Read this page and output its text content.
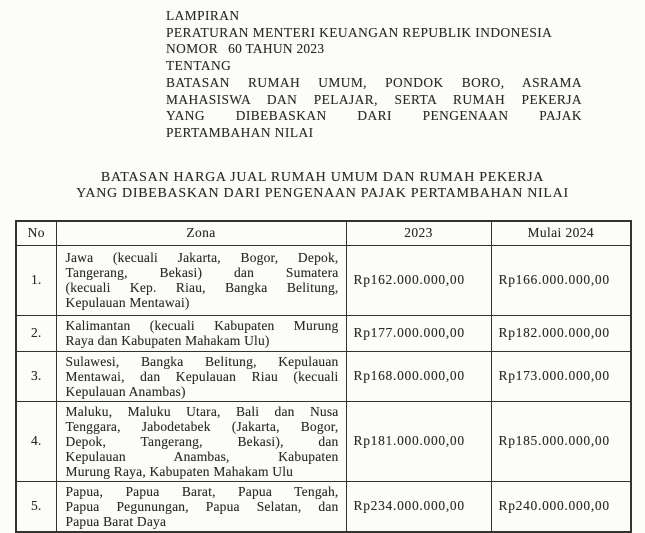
LAMPIRAN
PERATURAN MENTERI KEUANGAN REPUBLIK INDONESIA
NOMOR 60 TAHUN 2023
TENTANG
BATASAN RUMAH UMUM, PONDOK BORO, ASRAMA
MAHASISWA DAN PELAJAR, SERTA RUMAH PEKERJA
YANG DIBEBASKAN DARI PENGENAAN PAJAK
PERTAMBAHAN NILAI
BATASAN HARGA JUAL RUMAH UMUM DAN RUMAH PEKERJA
YANG DIBEBASKAN DARI PENGENAAN PAJAK PERTAMBAHAN NILAI
No	Zona	2023	Mulai 2024
1.	Jawa (kecuali Jakarta, Bogor, Depok,
Tangerang, Bekasi) dan Sumatera
(kecuali Kep. Riau, Bangka Belitung,
Kepulauan Mentawai)	Rp162.000.000,00	Rp166.000.000,00
2.	Kalimantan (kecuali Kabupaten Murung
Raya dan Kabupaten Mahakam Ulu)	Rp177.000.000,00	Rp182.000.000,00
3.	Sulawesi, Bangka Belitung, Kepulauan
Mentawai, dan Kepulauan Riau (kecuali
Kepulauan Anambas)	Rp168.000.000,00	Rp173.000.000,00
4.	Maluku, Maluku Utara, Bali dan Nusa
Tenggara, Jabodetabek (Jakarta, Bogor,
Depok, Tangerang, Bekasi), dan
Kepulauan Anambas, Kabupaten
Murung Raya, Kabupaten Mahakam Ulu	Rp181.000.000,00	Rp185.000.000,00
5.	Papua, Papua Barat, Papua Tengah,
Papua Pegunungan, Papua Selatan, dan
Papua Barat Daya	Rp234.000.000,00	Rp240.000.000,00
